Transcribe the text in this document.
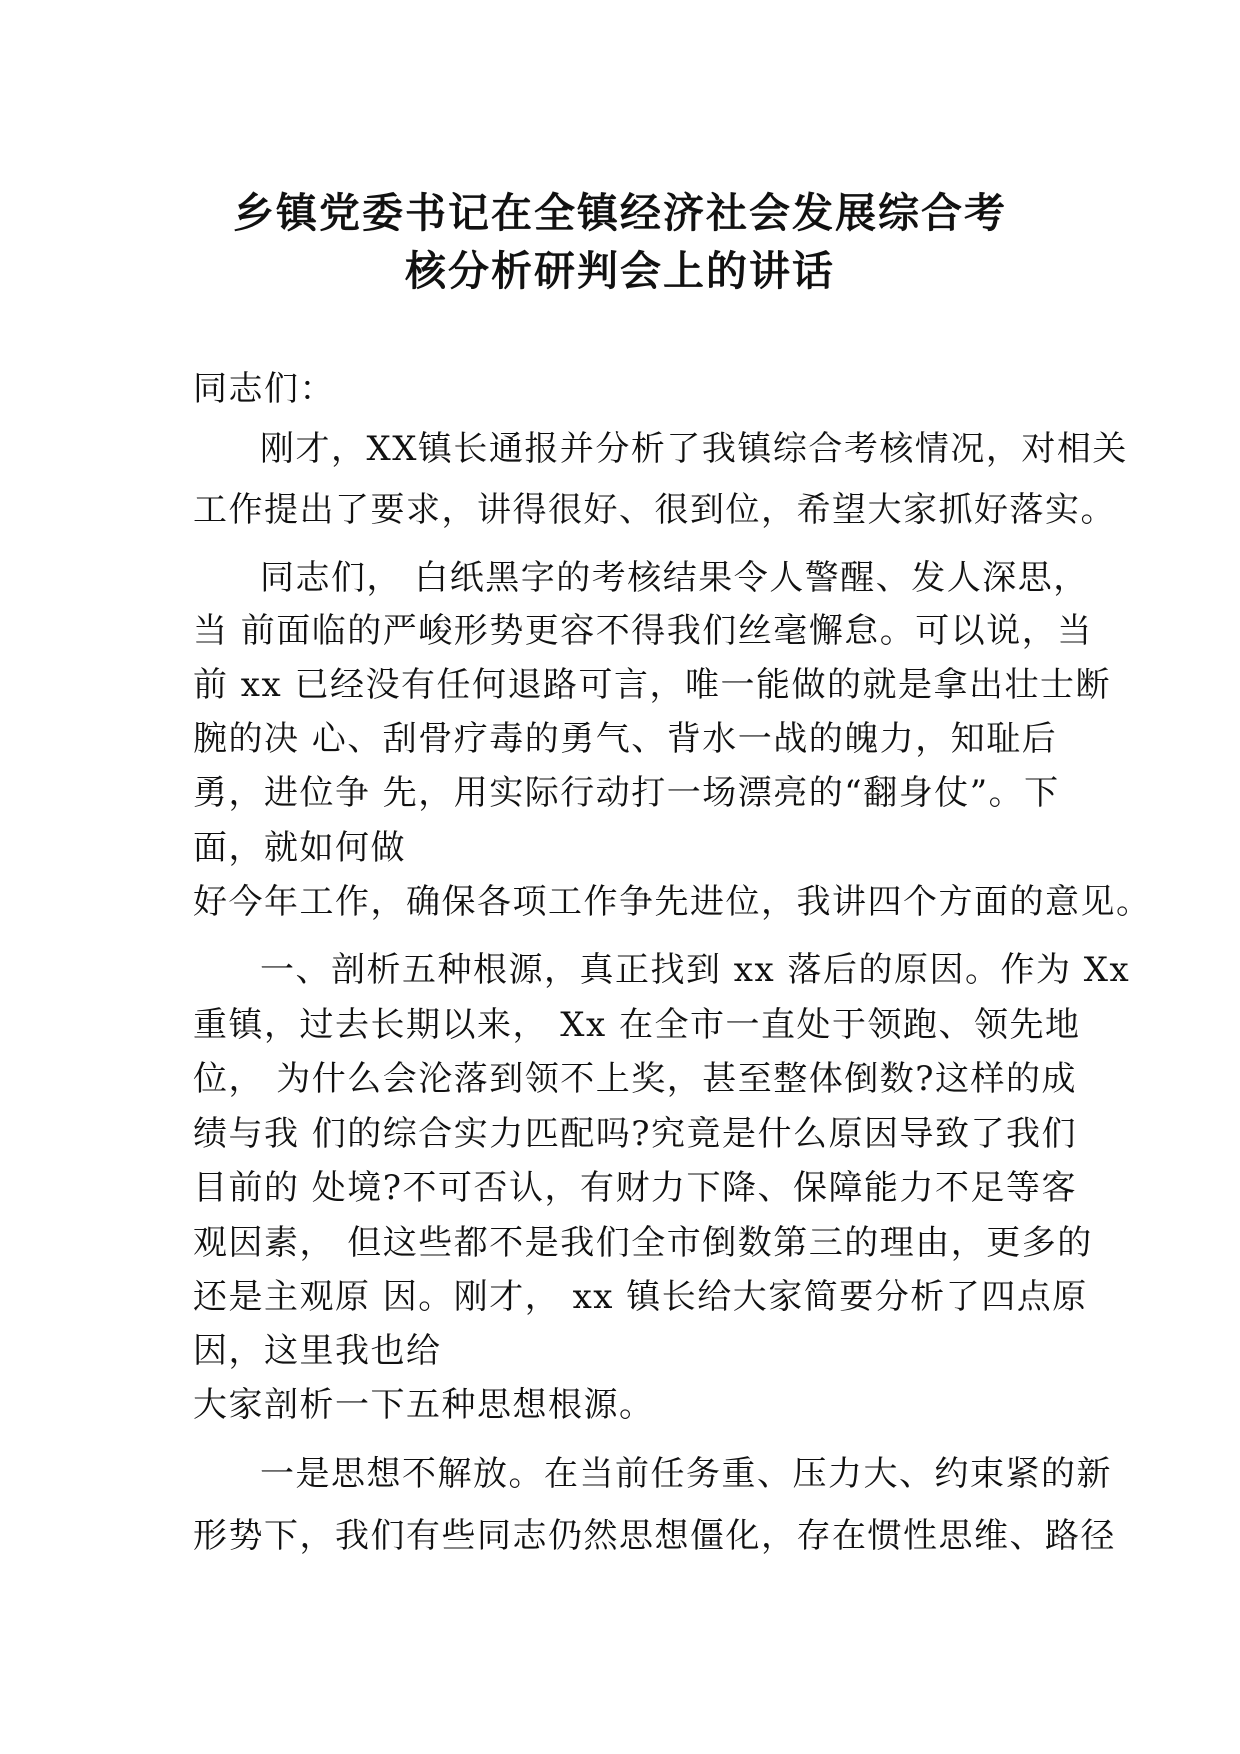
乡镇党委书记在全镇经济社会发展综合考
核分析研判会上的讲话
同志们：
刚才，XX镇长通报并分析了我镇综合考核情况，对相关
工作提出了要求，讲得很好、很到位，希望大家抓好落实。
同志们， 白纸黑字的考核结果令人警醒、发人深思，
当 前面临的严峻形势更容不得我们丝毫懈怠。可以说，当
前 xx 已经没有任何退路可言，唯一能做的就是拿出壮士断
腕的决 心、刮骨疗毒的勇气、背水一战的魄力，知耻后
勇，进位争 先，用实际行动打一场漂亮的“翻身仗”。下
面，就如何做
好今年工作，确保各项工作争先进位，我讲四个方面的意见。
一、剖析五种根源，真正找到 xx 落后的原因。作为 Xx
重镇，过去长期以来， Xx 在全市一直处于领跑、领先地
位， 为什么会沦落到领不上奖，甚至整体倒数?这样的成
绩与我 们的综合实力匹配吗?究竟是什么原因导致了我们
目前的 处境?不可否认，有财力下降、保障能力不足等客
观因素， 但这些都不是我们全市倒数第三的理由，更多的
还是主观原 因。刚才， xx 镇长给大家简要分析了四点原
因，这里我也给
大家剖析一下五种思想根源。
一是思想不解放。在当前任务重、压力大、约束紧的新
形势下，我们有些同志仍然思想僵化，存在惯性思维、路径
